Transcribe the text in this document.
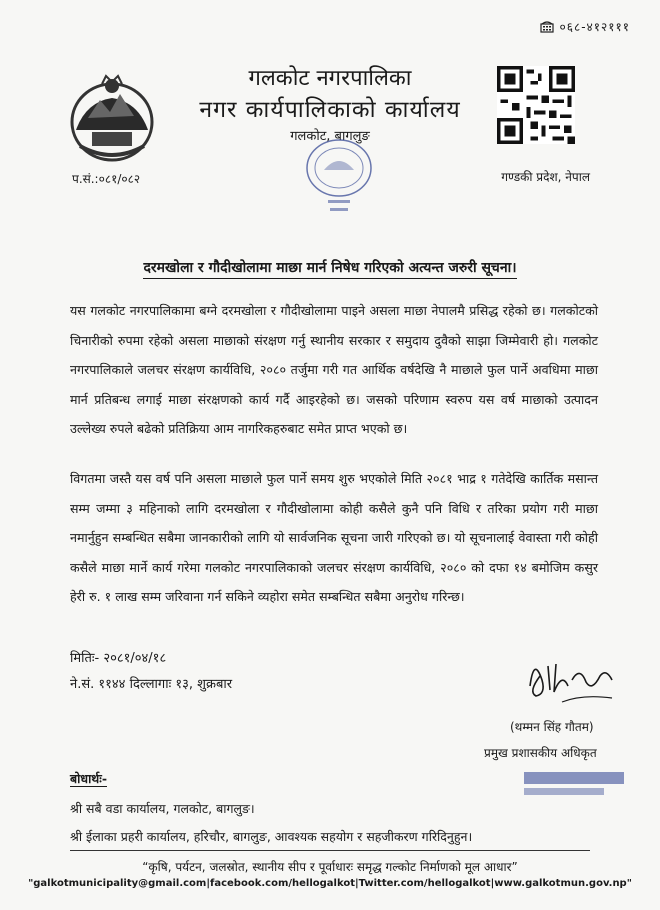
०६८-४१२१११
गलकोट नगरपालिका
नगर कार्यपालिकाको कार्यालय
गलकोट, बागलुङ
प.सं.:०८१/०८२	गण्डकी प्रदेश, नेपाल
दरमखोला र गौदीखोलामा माछा मार्न निषेध गरिएको अत्यन्त जरुरी सूचना।
यस गलकोट नगरपालिकामा बग्ने दरमखोला र गौदीखोलामा पाइने असला माछा नेपालमै प्रसिद्ध रहेको छ। गलकोटको चिनारीको रुपमा रहेको असला माछाको संरक्षण गर्नु स्थानीय सरकार र समुदाय दुवैको साझा जिम्मेवारी हो। गलकोट नगरपालिकाले जलचर संरक्षण कार्यविधि, २०८० तर्जुमा गरी गत आर्थिक वर्षदेखि नै माछाले फुल पार्ने अवधिमा माछा मार्न प्रतिबन्ध लगाई माछा संरक्षणको कार्य गर्दै आइरहेको छ। जसको परिणाम स्वरुप यस वर्ष माछाको उत्पादन उल्लेख्य रुपले बढेको प्रतिक्रिया आम नागरिकहरुबाट समेत प्राप्त भएको छ।
विगतमा जस्तै यस वर्ष पनि असला माछाले फुल पार्ने समय शुरु भएकोले मिति २०८१ भाद्र १ गतेदेखि कार्तिक मसान्त सम्म जम्मा ३ महिनाको लागि दरमखोला र गौदीखोलामा कोही कसैले कुनै पनि विधि र तरिका प्रयोग गरी माछा नमार्नुहुन सम्बन्धित सबैमा जानकारीको लागि यो सार्वजनिक सूचना जारी गरिएको छ। यो सूचनालाई वेवास्ता गरी कोही कसैले माछा मार्ने कार्य गरेमा गलकोट नगरपालिकाको जलचर संरक्षण कार्यविधि, २०८० को दफा १४ बमोजिम कसुर हेरी रु. १ लाख सम्म जरिवाना गर्न सकिने व्यहोरा समेत सम्बन्धित सबैमा अनुरोध गरिन्छ।
मितिः- २०८१/०४/१८
ने.सं. ११४४ दिल्लागाः १३, शुक्रबार
(थम्मन सिंह गौतम)
प्रमुख प्रशासकीय अधिकृत
बोधार्थः-
श्री सबै वडा कार्यालय, गलकोट, बागलुङ।
श्री ईलाका प्रहरी कार्यालय, हरिचौर, बागलुङ, आवश्यक सहयोग र सहजीकरण गरिदिनुहुन।
“कृषि, पर्यटन, जलस्रोत, स्थानीय सीप र पूर्वाधारः समृद्ध गल्कोट निर्माणको मूल आधार”
"galkotmunicipality@gmail.com|facebook.com/hellogalkot|Twitter.com/hellogalkot|www.galkotmun.gov.np"
